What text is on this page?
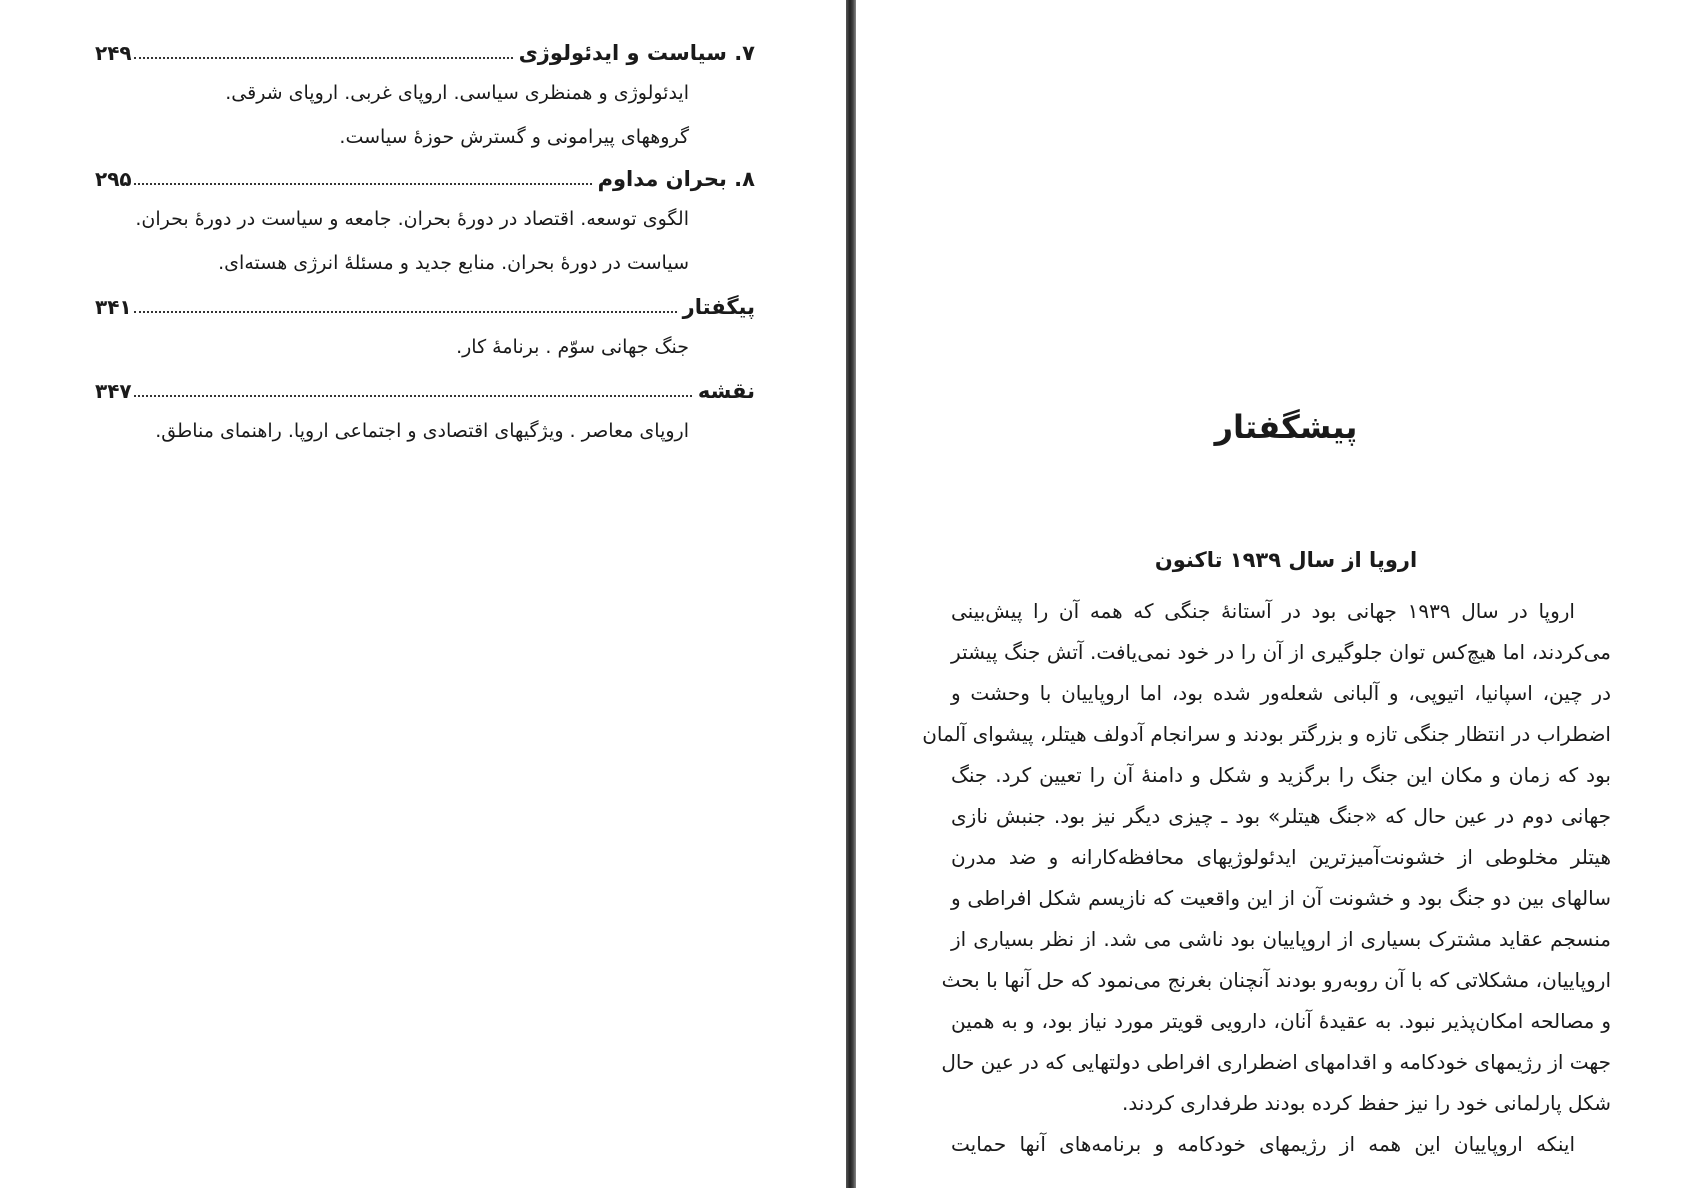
۷. سیاست و ایدئولوژی
۲۴۹
ایدئولوژی و همنظری سیاسی. اروپای غربی. اروپای شرقی.
گروههای پیرامونی و گسترش حوزهٔ سیاست.
۸. بحران مداوم
۲۹۵
الگوی توسعه. اقتصاد در دورهٔ بحران. جامعه و سیاست در دورهٔ بحران.
سیاست در دورهٔ بحران. منابع جدید و مسئلهٔ انرژی هسته‌ای.
پیگفتار
۳۴۱
جنگ جهانی سوّم . برنامهٔ کار.
نقشه
۳۴۷
اروپای معاصر . ویژگیهای اقتصادی و اجتماعی اروپا. راهنمای مناطق.	پیشگفتار
اروپا از سال ۱۹۳۹ تاکنون
اروپا در سال ۱۹۳۹ جهانی بود در آستانهٔ جنگی که همه آن را پیش‌بینی
می‌کردند، اما هیچ‌کس توان جلوگیری از آن را در خود نمی‌یافت. آتش جنگ پیشتر
در چین، اسپانیا، اتیوپی، و آلبانی شعله‌ور شده بود، اما اروپاییان با وحشت و
اضطراب در انتظار جنگی تازه و بزرگتر بودند و سرانجام آدولف هیتلر، پیشوای آلمان
بود که زمان و مکان این جنگ را برگزید و شکل و دامنهٔ آن را تعیین کرد. جنگ
جهانی دوم در عین حال که «جنگ هیتلر» بود ـ چیزی دیگر نیز بود. جنبش نازی
هیتلر مخلوطی از خشونت‌آمیزترین ایدئولوژیهای محافظه‌کارانه و ضد مدرن
سالهای بین دو جنگ بود و خشونت آن از این واقعیت که نازیسم شکل افراطی و
منسجم عقاید مشترک بسیاری از اروپاییان بود ناشی می شد. از نظر بسیاری از
اروپاییان، مشکلاتی که با آن روبه‌رو بودند آنچنان بغرنج می‌نمود که حل آنها با بحث
و مصالحه امکان‌پذیر نبود. به عقیدهٔ آنان، دارویی قویتر مورد نیاز بود، و به همین
جهت از رژیمهای خودکامه و اقدامهای اضطراری افراطی دولتهایی که در عین حال
شکل پارلمانی خود را نیز حفظ کرده بودند طرفداری کردند.
اینکه اروپاییان این همه از رژیمهای خودکامه و برنامه‌های آنها حمایت
